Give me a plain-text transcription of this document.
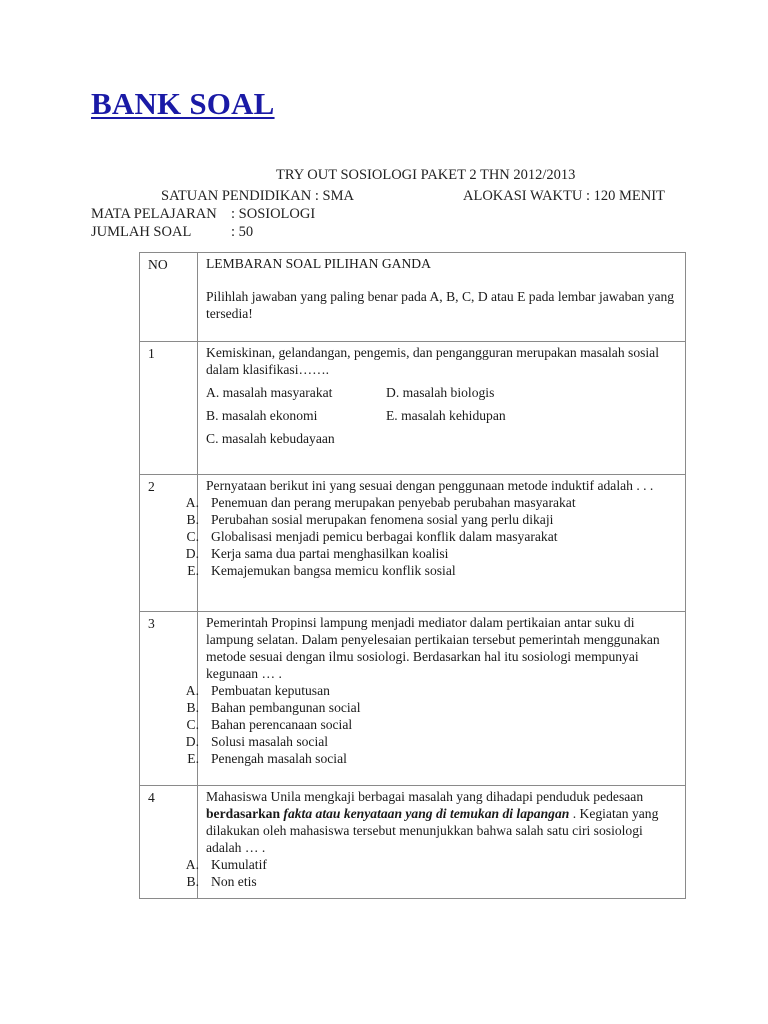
BANK SOAL
TRY OUT SOSIOLOGI PAKET 2 THN 2012/2013
SATUAN PENDIDIKAN : SMA	ALOKASI WAKTU : 120 MENIT
MATA PELAJARAN : SOSIOLOGI
JUMLAH SOAL	: 50
NO	LEMBARAN SOAL PILIHAN GANDA

Pilihlah jawaban yang paling benar pada A, B, C, D atau E pada lembar jawaban yang tersedia!

1	Kemiskinan, gelandangan, pengemis, dan pengangguran merupakan masalah sosial dalam klasifikasi…….

A. masalah masyarakat	D. masalah biologis
B. masalah ekonomi	E. masalah kehidupan
C. masalah kebudayaan

2	Pernyataan berikut ini yang sesuai dengan penggunaan metode induktif adalah . . .

A. Penemuan dan perang merupakan penyebab perubahan masyarakat
B. Perubahan sosial merupakan fenomena sosial yang perlu dikaji
C. Globalisasi menjadi pemicu berbagai konflik dalam masyarakat
D. Kerja sama dua partai menghasilkan koalisi
E. Kemajemukan bangsa memicu konflik sosial

3	Pemerintah Propinsi lampung menjadi mediator dalam pertikaian antar suku di lampung selatan. Dalam penyelesaian pertikaian tersebut pemerintah menggunakan metode sesuai dengan ilmu sosiologi. Berdasarkan hal itu sosiologi mempunyai kegunaan … .

A. Pembuatan keputusan
B. Bahan pembangunan social
C. Bahan perencanaan social
D. Solusi masalah social
E. Penengah masalah social

4	Mahasiswa Unila mengkaji berbagai masalah yang dihadapi penduduk pedesaan berdasarkan fakta atau kenyataan yang di temukan di lapangan . Kegiatan yang dilakukan oleh mahasiswa tersebut menunjukkan bahwa salah satu ciri sosiologi adalah … .

A. Kumulatif
B. Non etis
